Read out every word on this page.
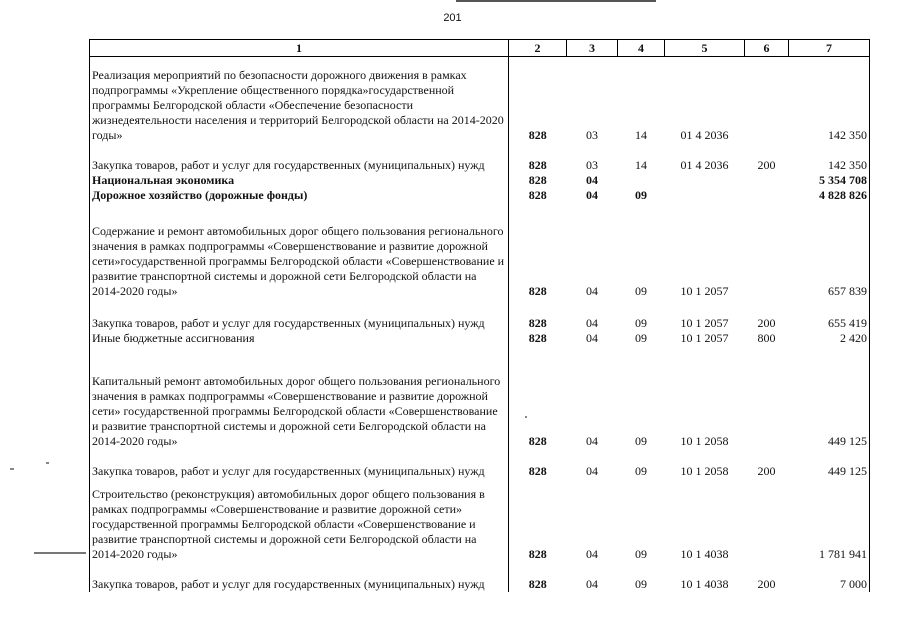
201
1	2	3	4	5	6	7
Реализация мероприятий по безопасности дорожного движения в рамках подпрограммы «Укрепление общественного порядка»государственной программы Белгородской области «Обеспечение безопасности жизнедеятельности населения и территорий Белгородской области на 2014-2020 годы»	828	03	14	01 4 2036		142 350
Закупка товаров, работ и услуг для государственных (муниципальных) нужд	828	03	14	01 4 2036	200	142 350
Национальная экономика	828	04				5 354 708
Дорожное хозяйство (дорожные фонды)	828	04	09			4 828 826
Содержание и ремонт автомобильных дорог общего пользования регионального значения в рамках подпрограммы «Совершенствование и развитие дорожной сети»государственной программы Белгородской области «Совершенствование и развитие транспортной системы и дорожной сети Белгородской области на 2014-2020 годы»	828	04	09	10 1 2057		657 839
Закупка товаров, работ и услуг для государственных (муниципальных) нужд	828	04	09	10 1 2057	200	655 419
Иные бюджетные ассигнования	828	04	09	10 1 2057	800	2 420
Капитальный ремонт автомобильных дорог общего пользования регионального значения в рамках подпрограммы «Совершенствование и развитие дорожной сети» государственной программы Белгородской области «Совершенствование и развитие транспортной системы и дорожной сети Белгородской области на 2014-2020 годы»	828	04	09	10 1 2058		449 125
Закупка товаров, работ и услуг для государственных (муниципальных) нужд	828	04	09	10 1 2058	200	449 125
Строительство (реконструкция) автомобильных дорог общего пользования в рамках подпрограммы «Совершенствование и развитие дорожной сети» государственной программы Белгородской области «Совершенствование и развитие транспортной системы и дорожной сети Белгородской области на 2014-2020 годы»	828	04	09	10 1 4038		1 781 941
Закупка товаров, работ и услуг для государственных (муниципальных) нужд	828	04	09	10 1 4038	200	7 000
